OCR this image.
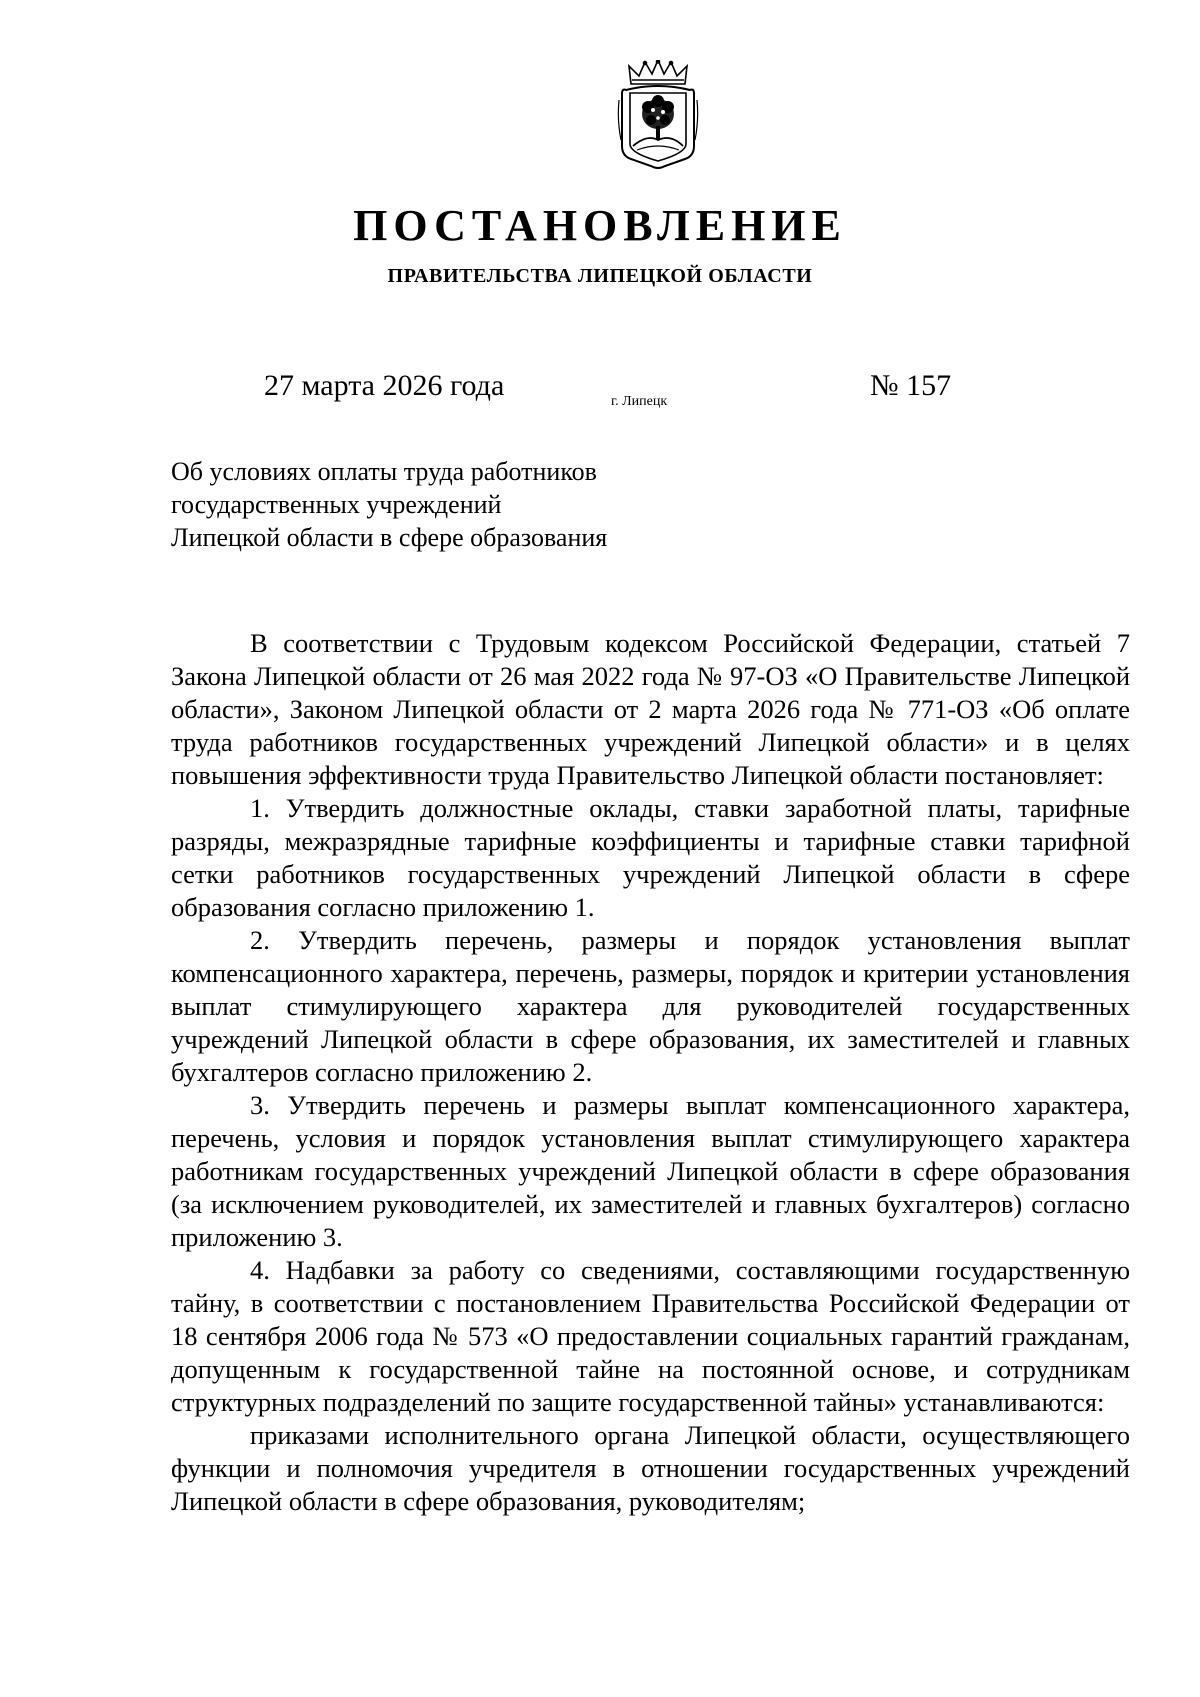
ПОСТАНОВЛЕНИЕ
ПРАВИТЕЛЬСТВА ЛИПЕЦКОЙ ОБЛАСТИ
27 марта 2026 года	г. Липецк	№ 157
Об условиях оплаты труда работников
государственных учреждений
Липецкой области в сфере образования

В соответствии с Трудовым кодексом Российской Федерации, статьей 7 Закона Липецкой области от 26 мая 2022 года № 97-ОЗ «О Правительстве Липецкой области», Законом Липецкой области от 2 марта 2026 года № 771-ОЗ «Об оплате труда работников государственных учреждений Липецкой области» и в целях повышения эффективности труда Правительство Липецкой области постановляет:

1. Утвердить должностные оклады, ставки заработной платы, тарифные разряды, межразрядные тарифные коэффициенты и тарифные ставки тарифной сетки работников государственных учреждений Липецкой области в сфере образования согласно приложению 1.

2. Утвердить перечень, размеры и порядок установления выплат компенсационного характера, перечень, размеры, порядок и критерии установления выплат стимулирующего характера для руководителей государственных учреждений Липецкой области в сфере образования, их заместителей и главных бухгалтеров согласно приложению 2.

3. Утвердить перечень и размеры выплат компенсационного характера, перечень, условия и порядок установления выплат стимулирующего характера работникам государственных учреждений Липецкой области в сфере образования (за исключением руководителей, их заместителей и главных бухгалтеров) согласно приложению 3.

4. Надбавки за работу со сведениями, составляющими государственную тайну, в соответствии с постановлением Правительства Российской Федерации от 18 сентября 2006 года № 573 «О предоставлении социальных гарантий гражданам, допущенным к государственной тайне на постоянной основе, и сотрудникам структурных подразделений по защите государственной тайны» устанавливаются:

приказами исполнительного органа Липецкой области, осуществляющего функции и полномочия учредителя в отношении государственных учреждений Липецкой области в сфере образования, руководителям;
